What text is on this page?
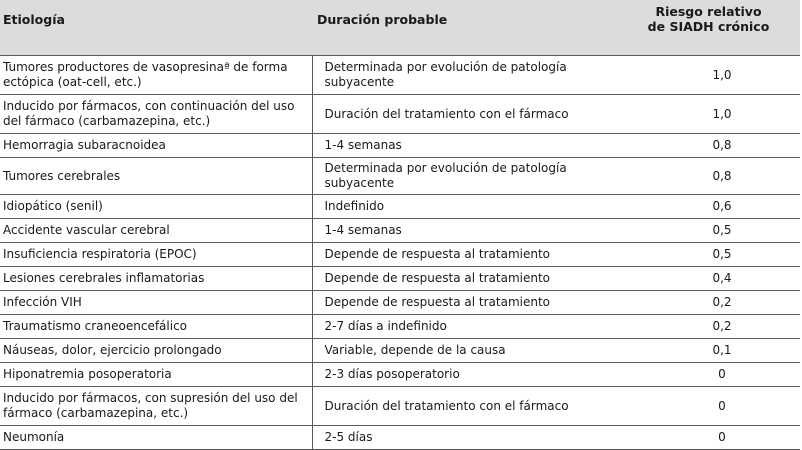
Etiología	Duración probable	Riesgo relativo
de SIADH crónico
Tumores productores de vasopresinaª de forma ectópica (oat-cell, etc.)	Determinada por evolución de patología subyacente	1,0
Inducido por fármacos, con continuación del uso del fármaco (carbamazepina, etc.)	Duración del tratamiento con el fármaco	1,0
Hemorragia subaracnoidea	1-4 semanas	0,8
Tumores cerebrales	Determinada por evolución de patología subyacente	0,8
Idiopático (senil)	Indefinido	0,6
Accidente vascular cerebral	1-4 semanas	0,5
Insuficiencia respiratoria (EPOC)	Depende de respuesta al tratamiento	0,5
Lesiones cerebrales inflamatorias	Depende de respuesta al tratamiento	0,4
Infección VIH	Depende de respuesta al tratamiento	0,2
Traumatismo craneoencefálico	2-7 días a indefinido	0,2
Náuseas, dolor, ejercicio prolongado	Variable, depende de la causa	0,1
Hiponatremia posoperatoria	2-3 días posoperatorio	0
Inducido por fármacos, con supresión del uso del fármaco (carbamazepina, etc.)	Duración del tratamiento con el fármaco	0
Neumonía	2-5 días	0
